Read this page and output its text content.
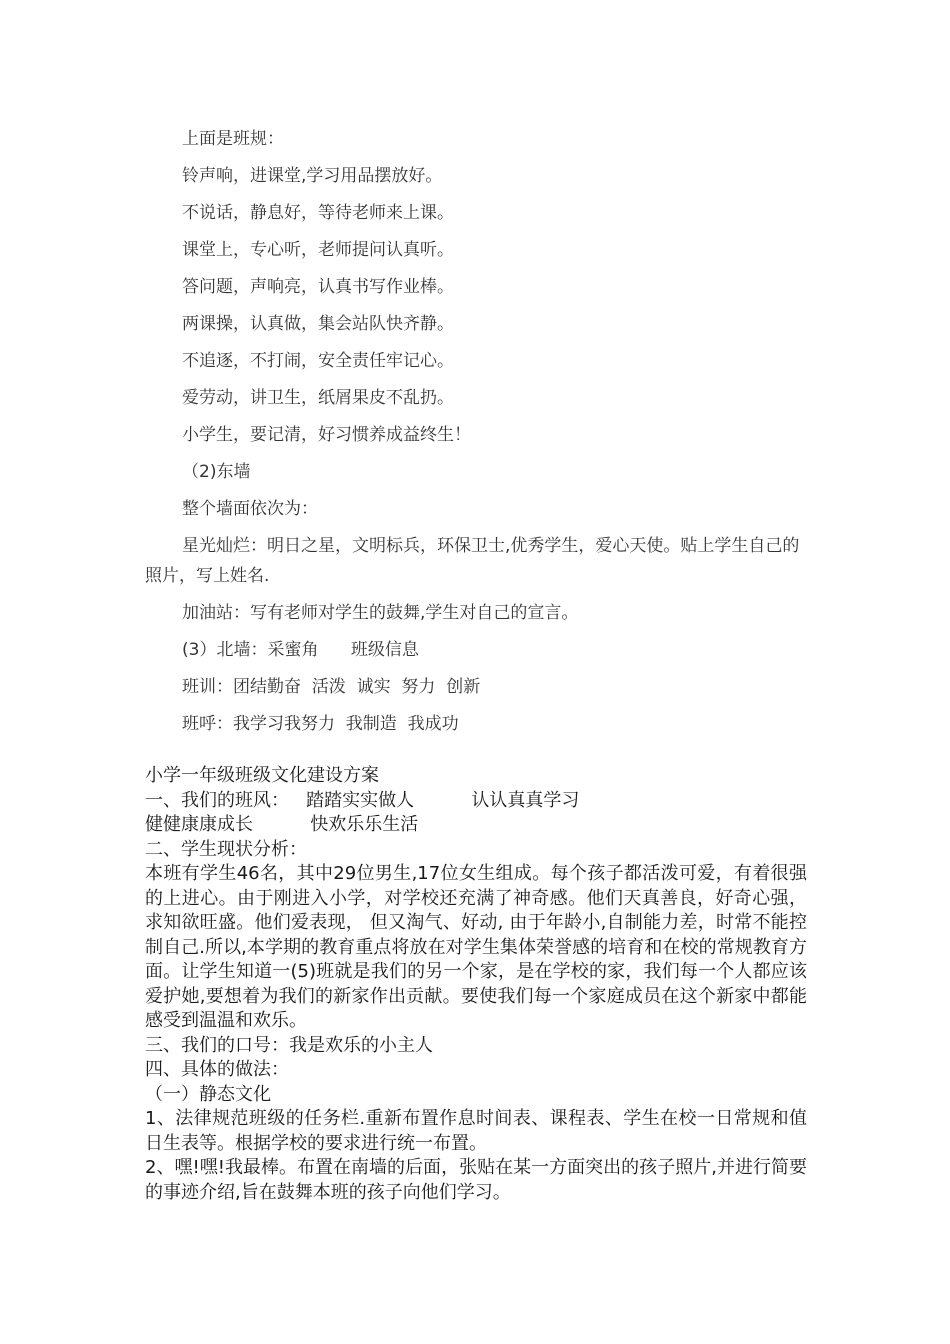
上面是班规：
铃声响，进课堂,学习用品摆放好。
不说话，静息好，等待老师来上课。
课堂上，专心听，老师提问认真听。
答问题，声响亮，认真书写作业棒。
两课操，认真做，集会站队快齐静。
不追逐，不打闹，安全责任牢记心。
爱劳动，讲卫生，纸屑果皮不乱扔。
小学生，要记清，好习惯养成益终生！
（2)东墙
整个墙面依次为：
星光灿烂：明日之星，文明标兵，环保卫士,优秀学生，爱心天使。贴上学生自己的照片，写上姓名.
加油站：写有老师对学生的鼓舞,学生对自己的宣言。
(3）北墙：采蜜角      班级信息
班训：团结勤奋  活泼  诚实  努力  创新
班呼：我学习我努力  我制造  我成功
小学一年级班级文化建设方案
一、我们的班风：   踏踏实实做人          认认真真学习
健健康康成长          快欢乐乐生活
二、学生现状分析：
本班有学生46名，其中29位男生,17位女生组成。每个孩子都活泼可爱，有着很强的上进心。由于刚进入小学，对学校还充满了神奇感。他们天真善良，好奇心强，求知欲旺盛。他们爱表现， 但又淘气、好动, 由于年龄小,自制能力差，时常不能控制自己.所以,本学期的教育重点将放在对学生集体荣誉感的培育和在校的常规教育方面。让学生知道一(5)班就是我们的另一个家，是在学校的家，我们每一个人都应该爱护她,要想着为我们的新家作出贡献。要使我们每一个家庭成员在这个新家中都能感受到温温和欢乐。
三、我们的口号：我是欢乐的小主人
四、具体的做法：
（一）静态文化
1、法律规范班级的任务栏.重新布置作息时间表、课程表、学生在校一日常规和值日生表等。根据学校的要求进行统一布置。
2、嘿!嘿!我最棒。布置在南墙的后面，张贴在某一方面突出的孩子照片,并进行简要的事迹介绍,旨在鼓舞本班的孩子向他们学习。
